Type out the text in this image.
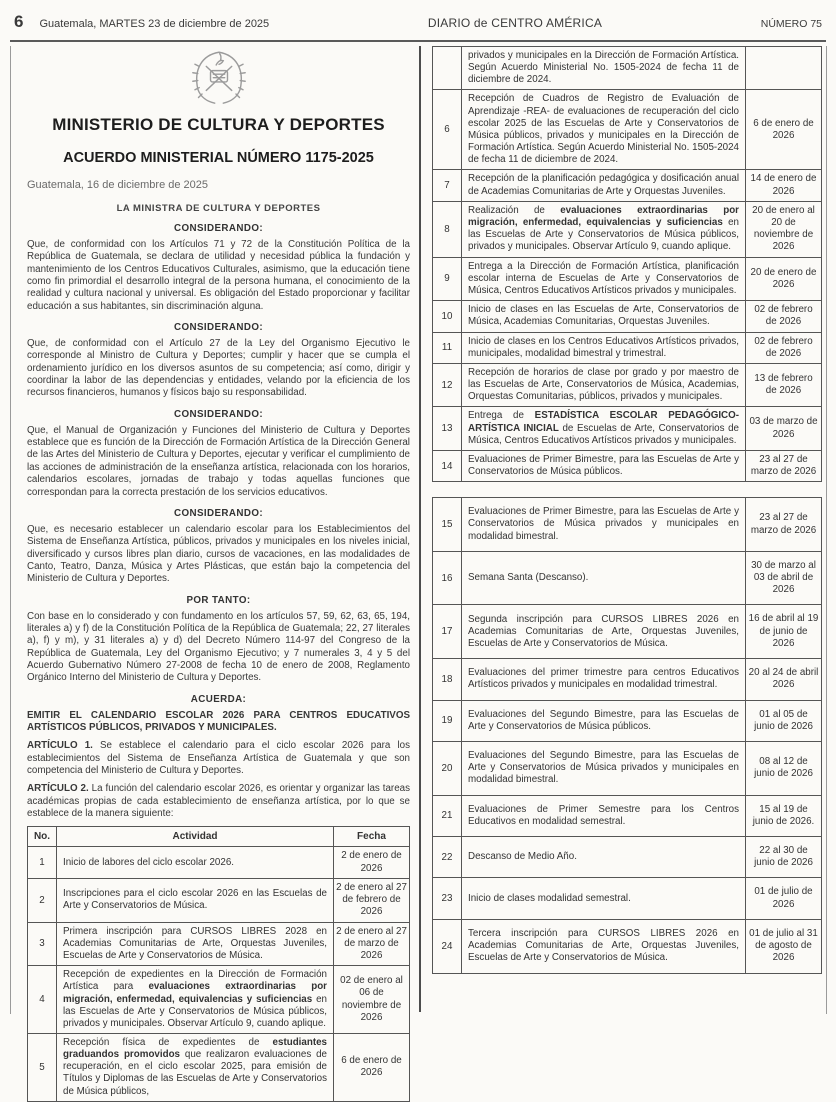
6 Guatemala, MARTES 23 de diciembre de 2025	DIARIO de CENTRO AMÉRICA	NÚMERO 75
MINISTERIO DE CULTURA Y DEPORTES
ACUERDO MINISTERIAL NÚMERO 1175-2025
Guatemala, 16 de diciembre de 2025
LA MINISTRA DE CULTURA Y DEPORTES
CONSIDERANDO:

Que, de conformidad con los Artículos 71 y 72 de la Constitución Política de la República de Guatemala, se declara de utilidad y necesidad pública la fundación y mantenimiento de los Centros Educativos Culturales, asimismo, que la educación tiene como fin primordial el desarrollo integral de la persona humana, el conocimiento de la realidad y cultura nacional y universal. Es obligación del Estado proporcionar y facilitar educación a sus habitantes, sin discriminación alguna.

CONSIDERANDO:

Que, de conformidad con el Artículo 27 de la Ley del Organismo Ejecutivo le corresponde al Ministro de Cultura y Deportes; cumplir y hacer que se cumpla el ordenamiento jurídico en los diversos asuntos de su competencia; así como, dirigir y coordinar la labor de las dependencias y entidades, velando por la eficiencia de los recursos financieros, humanos y físicos bajo su responsabilidad.

CONSIDERANDO:

Que, el Manual de Organización y Funciones del Ministerio de Cultura y Deportes establece que es función de la Dirección de Formación Artística de la Dirección General de las Artes del Ministerio de Cultura y Deportes, ejecutar y verificar el cumplimiento de las acciones de administración de la enseñanza artística, relacionada con los horarios, calendarios escolares, jornadas de trabajo y todas aquellas funciones que correspondan para la correcta prestación de los servicios educativos.

CONSIDERANDO:

Que, es necesario establecer un calendario escolar para los Establecimientos del Sistema de Enseñanza Artística, públicos, privados y municipales en los niveles inicial, diversificado y cursos libres plan diario, cursos de vacaciones, en las modalidades de Canto, Teatro, Danza, Música y Artes Plásticas, que están bajo la competencia del Ministerio de Cultura y Deportes.

POR TANTO:

Con base en lo considerado y con fundamento en los artículos 57, 59, 62, 63, 65, 194, literales a) y f) de la Constitución Política de la República de Guatemala; 22, 27 literales a), f) y m), y 31 literales a) y d) del Decreto Número 114-97 del Congreso de la República de Guatemala, Ley del Organismo Ejecutivo; y 7 numerales 3, 4 y 5 del Acuerdo Gubernativo Número 27-2008 de fecha 10 de enero de 2008, Reglamento Orgánico Interno del Ministerio de Cultura y Deportes.

ACUERDA:

EMITIR EL CALENDARIO ESCOLAR 2026 PARA CENTROS EDUCATIVOS ARTÍSTICOS PÚBLICOS, PRIVADOS Y MUNICIPALES.

ARTÍCULO 1. Se establece el calendario para el ciclo escolar 2026 para los establecimientos del Sistema de Enseñanza Artística de Guatemala y que son competencia del Ministerio de Cultura y Deportes.

ARTÍCULO 2. La función del calendario escolar 2026, es orientar y organizar las tareas académicas propias de cada establecimiento de enseñanza artística, por lo que se establece de la manera siguiente:

No.	Actividad	Fecha
1	Inicio de labores del ciclo escolar 2026.	2 de enero de 2026
2	Inscripciones para el ciclo escolar 2026 en las Escuelas de Arte y Conservatorios de Música.	2 de enero al 27 de febrero de 2026
3	Primera inscripción para CURSOS LIBRES 2028 en Academias Comunitarias de Arte, Orquestas Juveniles, Escuelas de Arte y Conservatorios de Música.	2 de enero al 27 de marzo de 2026
4	Recepción de expedientes en la Dirección de Formación Artística para evaluaciones extraordinarias por migración, enfermedad, equivalencias y suficiencias en las Escuelas de Arte y Conservatorios de Música públicos, privados y municipales. Observar Artículo 9, cuando aplique.	02 de enero al 06 de noviembre de 2026
5	Recepción física de expedientes de estudiantes graduandos promovidos que realizaron evaluaciones de recuperación, en el ciclo escolar 2025, para emisión de Títulos y Diplomas de las Escuelas de Arte y Conservatorios de Música públicos,	6 de enero de 2026
	privados y municipales en la Dirección de Formación Artística. Según Acuerdo Ministerial No. 1505-2024 de fecha 11 de diciembre de 2024.	
6	Recepción de Cuadros de Registro de Evaluación de Aprendizaje -REA- de evaluaciones de recuperación del ciclo escolar 2025 de las Escuelas de Arte y Conservatorios de Música públicos, privados y municipales en la Dirección de Formación Artística. Según Acuerdo Ministerial No. 1505-2024 de fecha 11 de diciembre de 2024.	6 de enero de 2026
7	Recepción de la planificación pedagógica y dosificación anual de Academias Comunitarias de Arte y Orquestas Juveniles.	14 de enero de 2026
8	Realización de evaluaciones extraordinarias por migración, enfermedad, equivalencias y suficiencias en las Escuelas de Arte y Conservatorios de Música públicos, privados y municipales. Observar Artículo 9, cuando aplique.	20 de enero al 20 de noviembre de 2026
9	Entrega a la Dirección de Formación Artística, planificación escolar interna de Escuelas de Arte y Conservatorios de Música, Centros Educativos Artísticos privados y municipales.	20 de enero de 2026
10	Inicio de clases en las Escuelas de Arte, Conservatorios de Música, Academias Comunitarias, Orquestas Juveniles.	02 de febrero de 2026
11	Inicio de clases en los Centros Educativos Artísticos privados, municipales, modalidad bimestral y trimestral.	02 de febrero de 2026
12	Recepción de horarios de clase por grado y por maestro de las Escuelas de Arte, Conservatorios de Música, Academias, Orquestas Comunitarias, públicos, privados y municipales.	13 de febrero de 2026
13	Entrega de ESTADÍSTICA ESCOLAR PEDAGÓGICO-ARTÍSTICA INICIAL de Escuelas de Arte, Conservatorios de Música, Centros Educativos Artísticos privados y municipales.	03 de marzo de 2026
14	Evaluaciones de Primer Bimestre, para las Escuelas de Arte y Conservatorios de Música públicos.	23 al 27 de marzo de 2026
15	Evaluaciones de Primer Bimestre, para las Escuelas de Arte y Conservatorios de Música privados y municipales en modalidad bimestral.	23 al 27 de marzo de 2026
16	Semana Santa (Descanso).	30 de marzo al 03 de abril de 2026
17	Segunda inscripción para CURSOS LIBRES 2026 en Academias Comunitarias de Arte, Orquestas Juveniles, Escuelas de Arte y Conservatorios de Música.	16 de abril al 19 de junio de 2026
18	Evaluaciones del primer trimestre para centros Educativos Artísticos privados y municipales en modalidad trimestral.	20 al 24 de abril 2026
19	Evaluaciones del Segundo Bimestre, para las Escuelas de Arte y Conservatorios de Música públicos.	01 al 05 de junio de 2026
20	Evaluaciones del Segundo Bimestre, para las Escuelas de Arte y Conservatorios de Música privados y municipales en modalidad bimestral.	08 al 12 de junio de 2026
21	Evaluaciones de Primer Semestre para los Centros Educativos en modalidad semestral.	15 al 19 de junio de 2026.
22	Descanso de Medio Año.	22 al 30 de junio de 2026
23	Inicio de clases modalidad semestral.	01 de julio de 2026
24	Tercera inscripción para CURSOS LIBRES 2026 en Academias Comunitarias de Arte, Orquestas Juveniles, Escuelas de Arte y Conservatorios de Música.	01 de julio al 31 de agosto de 2026
